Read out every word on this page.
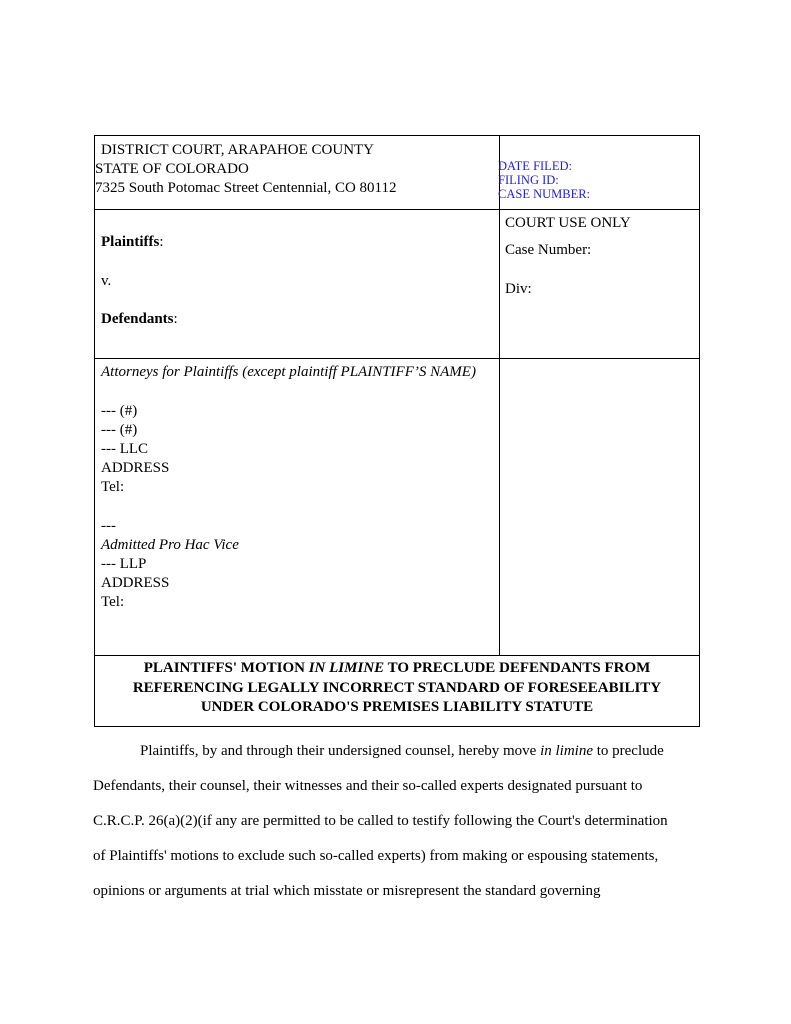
DISTRICT COURT, ARAPAHOE COUNTY
STATE OF COLORADO
7325 South Potomac Street Centennial, CO 80112
DATE FILED:
FILING ID:
CASE NUMBER:
Plaintiffs:
v.
Defendants:
COURT USE ONLY
Case Number:
Div:
Attorneys for Plaintiffs (except plaintiff PLAINTIFF’S NAME)
--- (#)
--- (#)
--- LLC
ADDRESS
Tel:
---
Admitted Pro Hac Vice
--- LLP
ADDRESS
Tel:
PLAINTIFFS' MOTION IN LIMINE TO PRECLUDE DEFENDANTS FROM
REFERENCING LEGALLY INCORRECT STANDARD OF FORESEEABILITY
UNDER COLORADO'S PREMISES LIABILITY STATUTE

Plaintiffs, by and through their undersigned counsel, hereby move in limine to preclude

Defendants, their counsel, their witnesses and their so-called experts designated pursuant to

C.R.C.P. 26(a)(2)(if any are permitted to be called to testify following the Court's determination

of Plaintiffs' motions to exclude such so-called experts) from making or espousing statements,

opinions or arguments at trial which misstate or misrepresent the standard governing
